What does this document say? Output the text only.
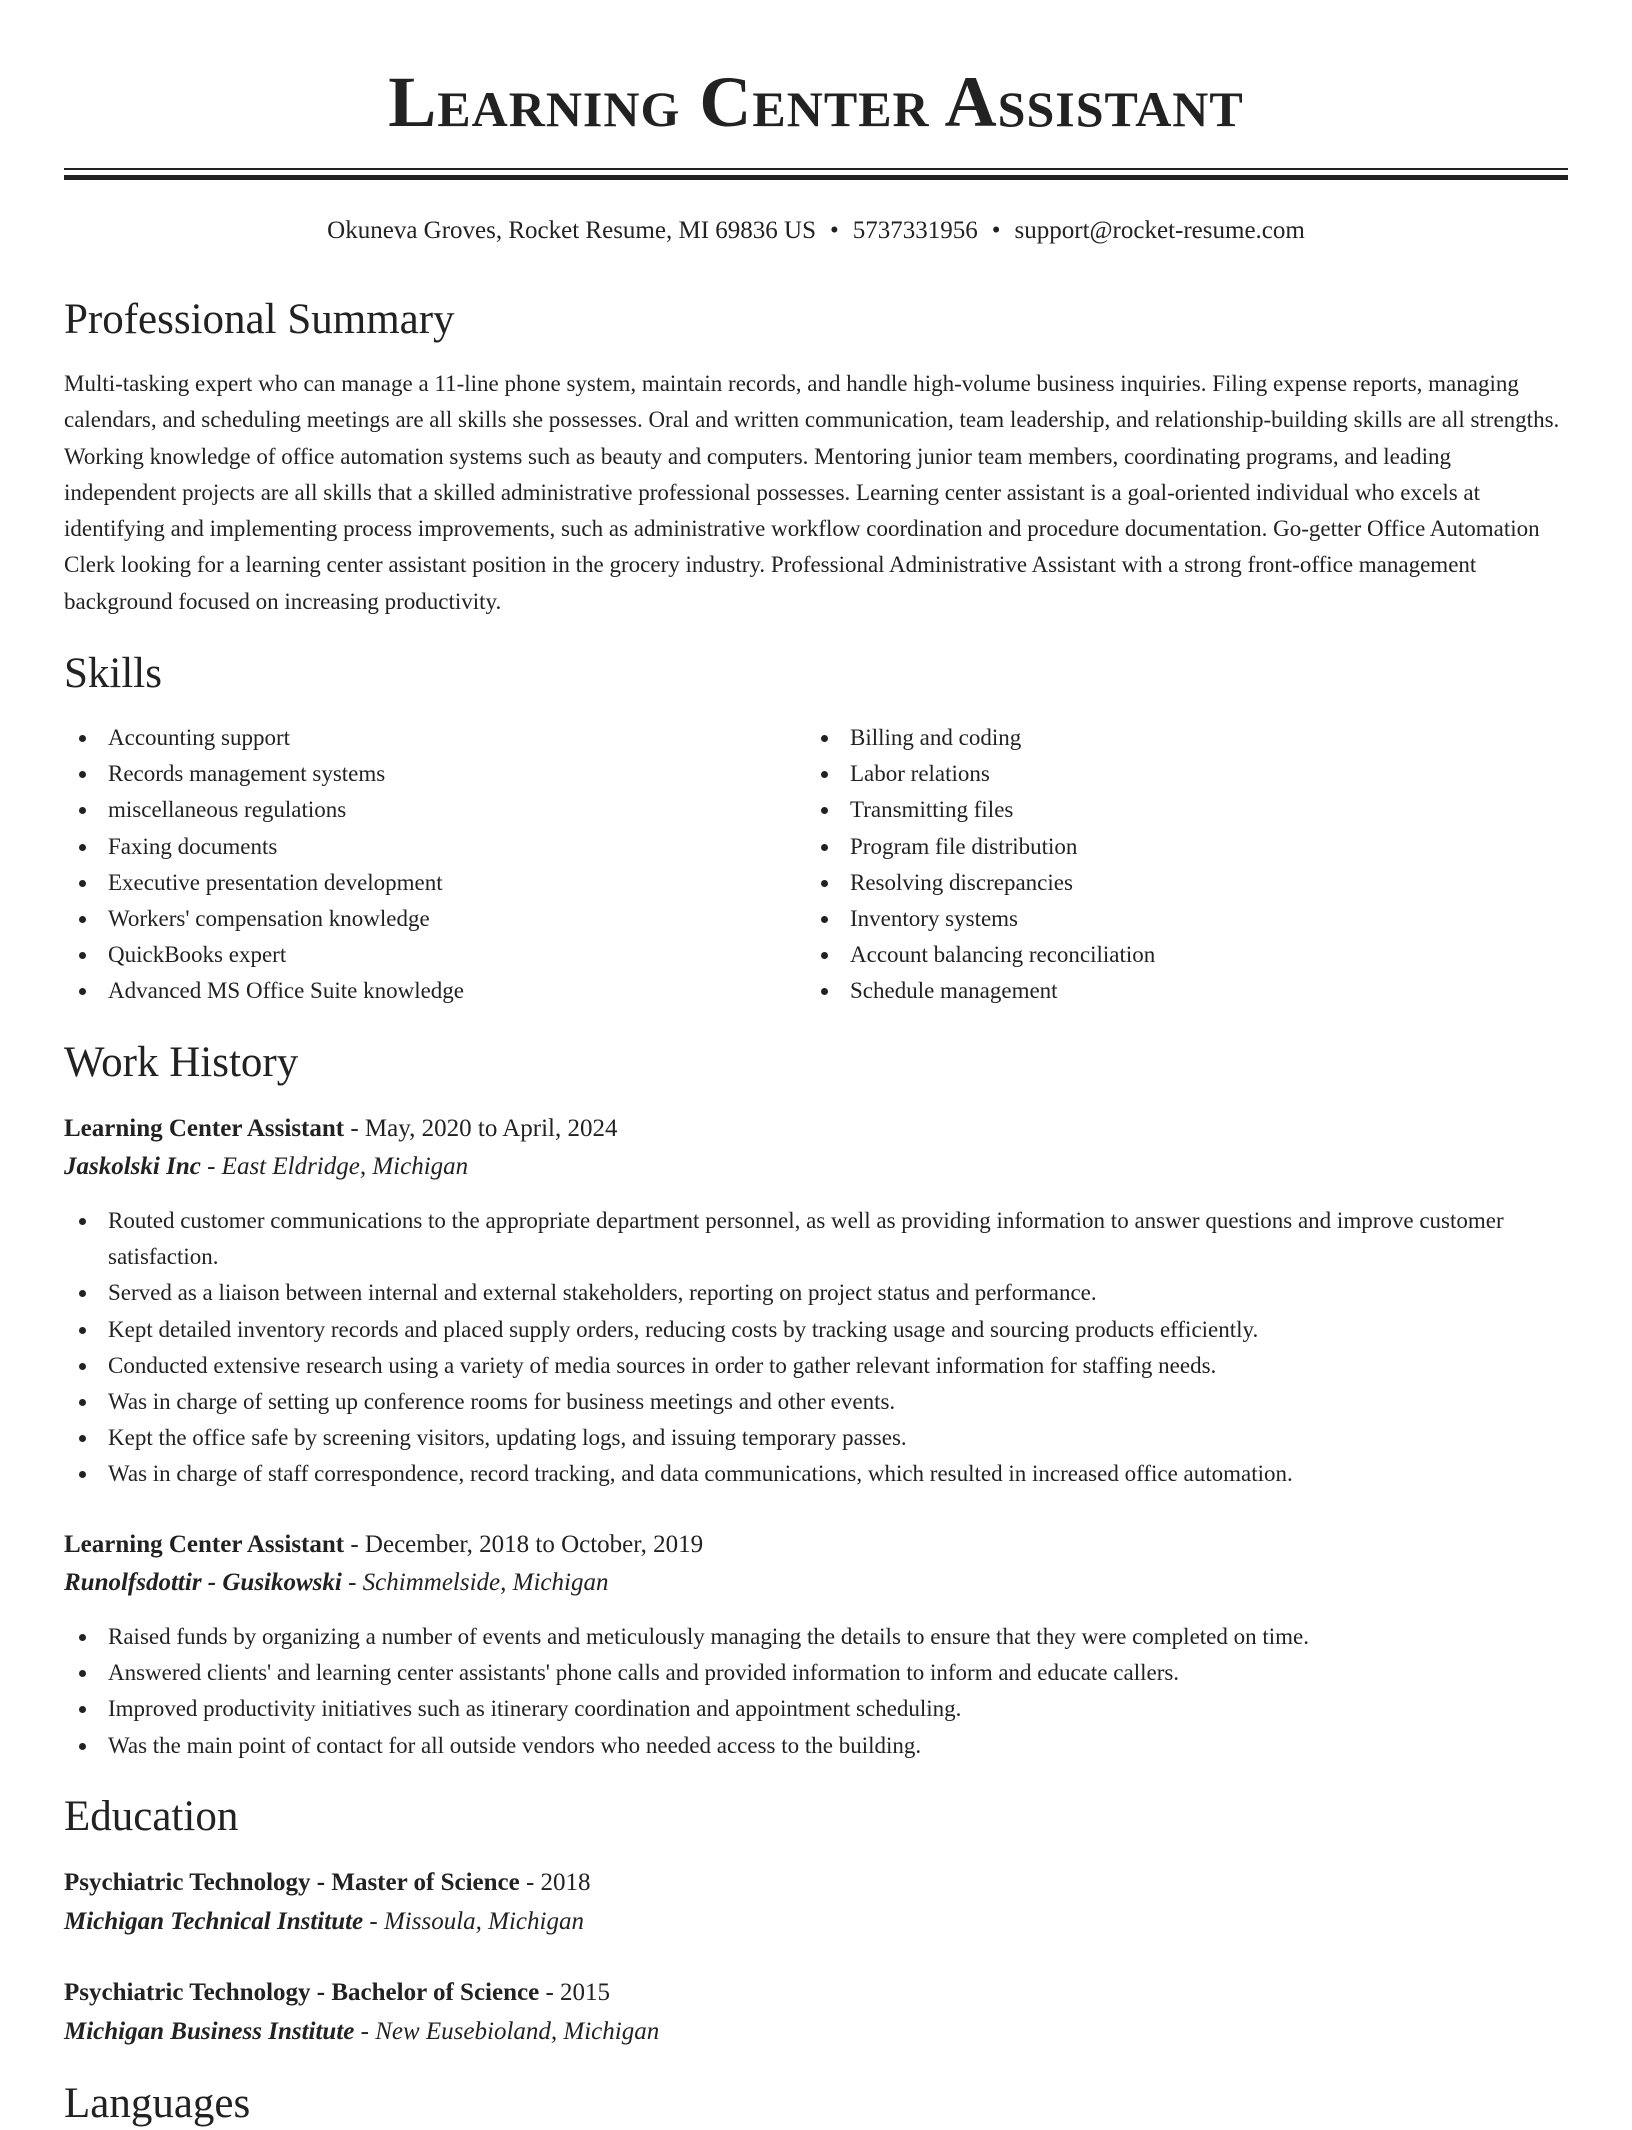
Learning Center Assistant
Okuneva Groves, Rocket Resume, MI 69836 US • 5737331956 • support@rocket-resume.com
Professional Summary

Multi-tasking expert who can manage a 11-line phone system, maintain records, and handle high-volume business inquiries. Filing expense reports, managing calendars, and scheduling meetings are all skills she possesses. Oral and written communication, team leadership, and relationship-building skills are all strengths. Working knowledge of office automation systems such as beauty and computers. Mentoring junior team members, coordinating programs, and leading independent projects are all skills that a skilled administrative professional possesses. Learning center assistant is a goal-oriented individual who excels at identifying and implementing process improvements, such as administrative workflow coordination and procedure documentation. Go-getter Office Automation Clerk looking for a learning center assistant position in the grocery industry. Professional Administrative Assistant with a strong front-office management background focused on increasing productivity.

Skills
Accounting support
Records management systems
miscellaneous regulations
Faxing documents
Executive presentation development
Workers' compensation knowledge
QuickBooks expert
Advanced MS Office Suite knowledge
Billing and coding
Labor relations
Transmitting files
Program file distribution
Resolving discrepancies
Inventory systems
Account balancing reconciliation
Schedule management
Work History

Learning Center Assistant - May, 2020 to April, 2024

Jaskolski Inc - East Eldridge, Michigan

Routed customer communications to the appropriate department personnel, as well as providing information to answer questions and improve customer satisfaction.
Served as a liaison between internal and external stakeholders, reporting on project status and performance.
Kept detailed inventory records and placed supply orders, reducing costs by tracking usage and sourcing products efficiently.
Conducted extensive research using a variety of media sources in order to gather relevant information for staffing needs.
Was in charge of setting up conference rooms for business meetings and other events.
Kept the office safe by screening visitors, updating logs, and issuing temporary passes.
Was in charge of staff correspondence, record tracking, and data communications, which resulted in increased office automation.

Learning Center Assistant - December, 2018 to October, 2019

Runolfsdottir - Gusikowski - Schimmelside, Michigan

Raised funds by organizing a number of events and meticulously managing the details to ensure that they were completed on time.
Answered clients' and learning center assistants' phone calls and provided information to inform and educate callers.
Improved productivity initiatives such as itinerary coordination and appointment scheduling.
Was the main point of contact for all outside vendors who needed access to the building.
Education

Psychiatric Technology - Master of Science - 2018

Michigan Technical Institute - Missoula, Michigan

Psychiatric Technology - Bachelor of Science - 2015

Michigan Business Institute - New Eusebioland, Michigan

Languages
